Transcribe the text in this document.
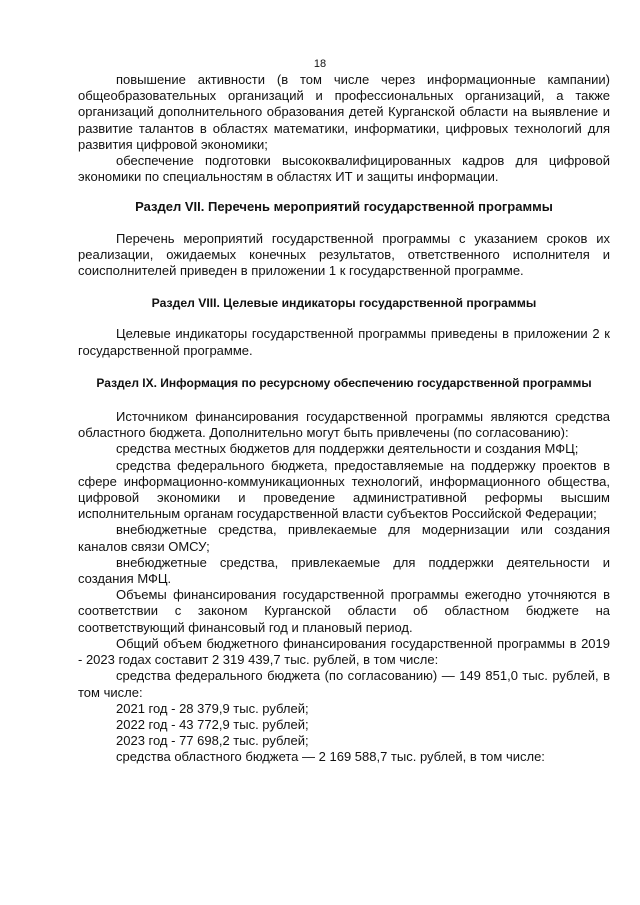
18

повышение активности (в том числе через информационные кампании) общеобразовательных организаций и профессиональных организаций, а также организаций дополнительного образования детей Курганской области на выявление и развитие талантов в областях математики, информатики, цифровых технологий для развития цифровой экономики;

обеспечение подготовки высококвалифицированных кадров для цифровой экономики по специальностям в областях ИТ и защиты информации.

Раздел VII. Перечень мероприятий государственной программы

Перечень мероприятий государственной программы с указанием сроков их реализации, ожидаемых конечных результатов, ответственного исполнителя и соисполнителей приведен в приложении 1 к государственной программе.

Раздел VIII. Целевые индикаторы государственной программы

Целевые индикаторы государственной программы приведены в приложении 2 к государственной программе.

Раздел IX. Информация по ресурсному обеспечению государственной программы

Источником финансирования государственной программы являются средства областного бюджета. Дополнительно могут быть привлечены (по согласованию):

средства местных бюджетов для поддержки деятельности и создания МФЦ;

средства федерального бюджета, предоставляемые на поддержку проектов в сфере информационно-коммуникационных технологий, информационного общества, цифровой экономики и проведение административной реформы высшим исполнительным органам государственной власти субъектов Российской Федерации;

внебюджетные средства, привлекаемые для модернизации или создания каналов связи ОМСУ;

внебюджетные средства, привлекаемые для поддержки деятельности и создания МФЦ.

Объемы финансирования государственной программы ежегодно уточняются в соответствии с законом Курганской области об областном бюджете на соответствующий финансовый год и плановый период.

Общий объем бюджетного финансирования государственной программы в 2019 - 2023 годах составит 2 319 439,7 тыс. рублей, в том числе:

средства федерального бюджета (по согласованию) — 149 851,0 тыс. рублей, в том числе:

2021 год - 28 379,9 тыс. рублей;
2022 год - 43 772,9 тыс. рублей;
2023 год - 77 698,2 тыс. рублей;

средства областного бюджета — 2 169 588,7 тыс. рублей, в том числе:
